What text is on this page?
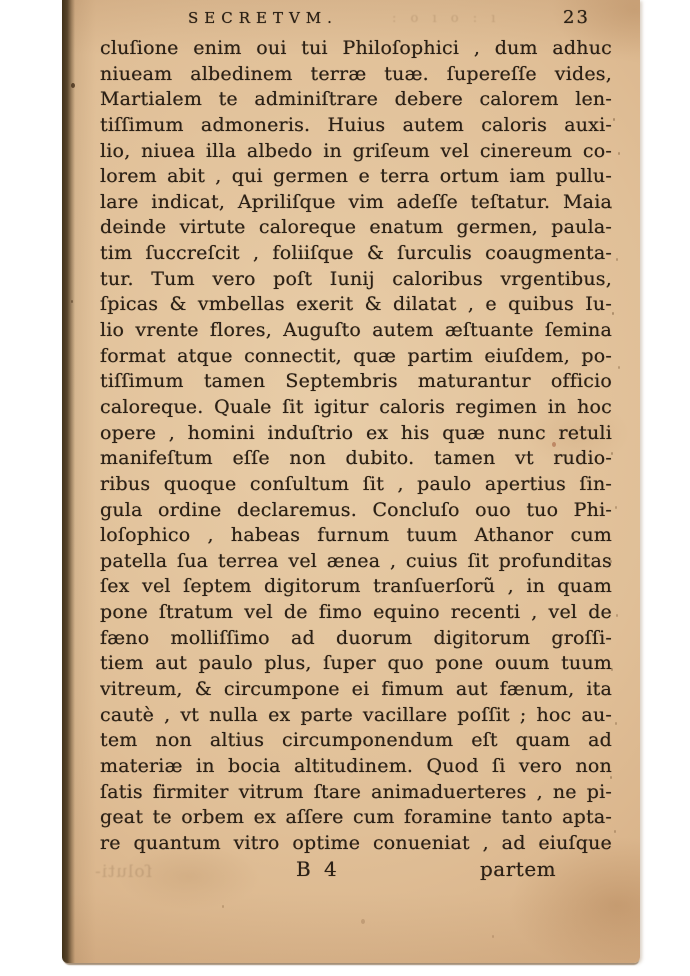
SECRETVM.	: o ı o : ı	23
cluſione enim oui tui Philoſophici , dum adhuc
niueam albedinem terræ tuæ. ſupereſſe vides,
Martialem te adminiſtrare debere calorem len-
tiſſimum admoneris. Huius autem caloris auxi-
lio, niuea illa albedo in griſeum vel cinereum co-
lorem abit , qui germen e terra ortum iam pullu-
lare indicat, Apriliſque vim adeſſe teſtatur. Maia
deinde virtute caloreque enatum germen, paula-
tim ſuccreſcit , foliiſque & ſurculis coaugmenta-
tur. Tum vero poſt Iunij caloribus vrgentibus,
ſpicas & vmbellas exerit & dilatat , e quibus Iu-
lio vrente flores, Auguſto autem æſtuante ſemina
format atque connectit, quæ partim eiuſdem, po-
tiſſimum tamen Septembris maturantur officio
caloreque. Quale ſit igitur caloris regimen in hoc
opere , homini induſtrio ex his quæ nunc retuli
manifeſtum eſſe non dubito. tamen vt rudio-
ribus quoque conſultum ſit , paulo apertius ſin-
gula ordine declaremus. Concluſo ouo tuo Phi-
loſophico , habeas furnum tuum Athanor cum
patella ſua terrea vel ænea , cuius ſit profunditas
ſex vel ſeptem digitorum tranſuerſorũ , in quam
pone ſtratum vel de fimo equino recenti , vel de
fæno molliſſimo ad duorum digitorum groſſi-
tiem aut paulo plus, ſuper quo pone ouum tuum
vitreum, & circumpone ei fimum aut fænum, ita
cautè , vt nulla ex parte vacillare poſſit ; hoc au-
tem non altius circumponendum eſt quam ad
materiæ in bocia altitudinem. Quod ſi vero non
ſatis firmiter vitrum ſtare animaduerteres , ne pi-
geat te orbem ex aſſere cum foramine tanto apta-
re quantum vitro optime conueniat , ad eiuſque
B 4	partem
ſoluti-
